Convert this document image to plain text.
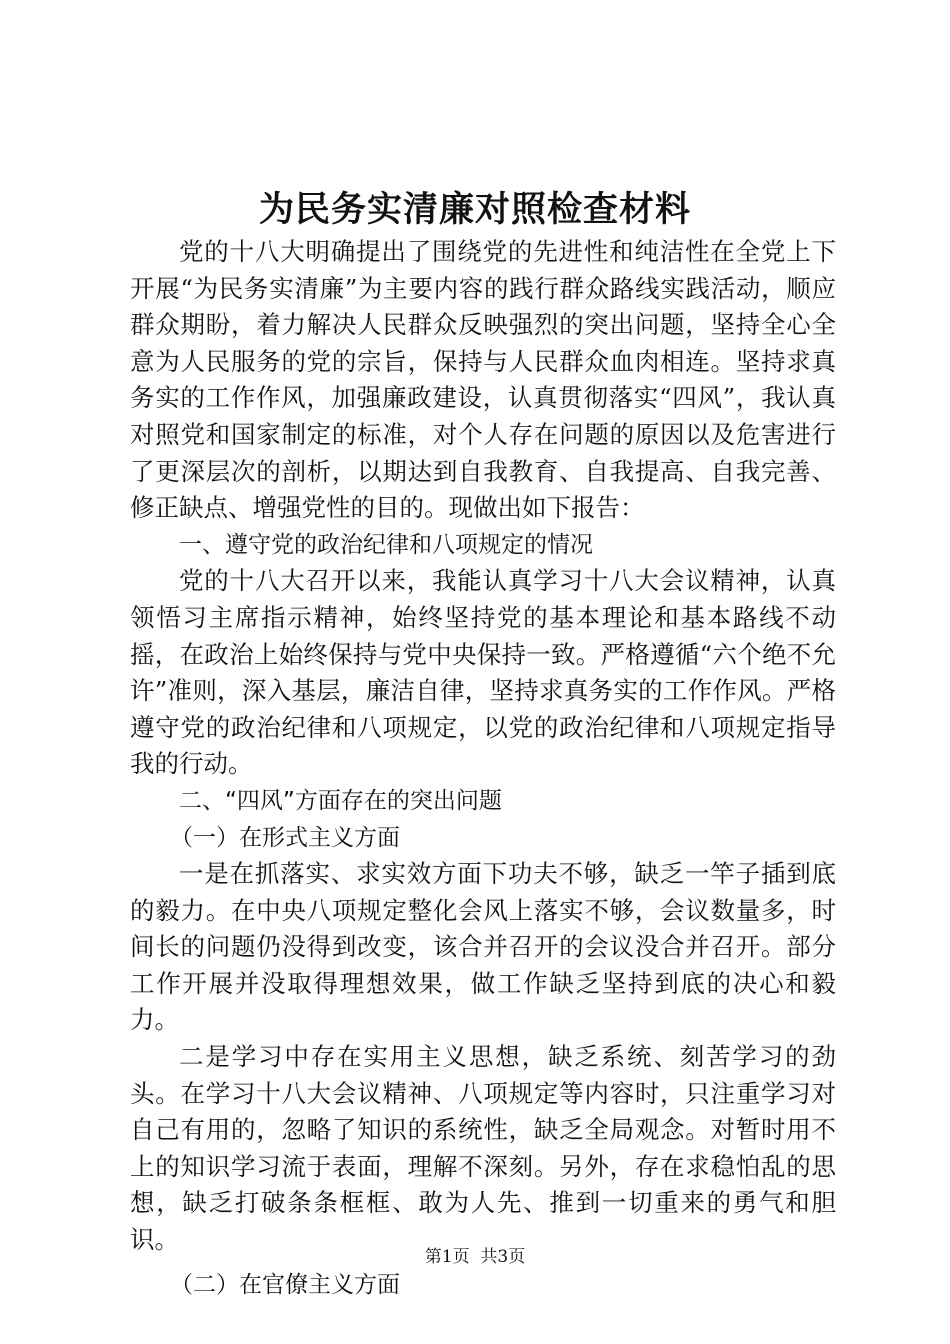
为民务实清廉对照检查材料

党的十八大明确提出了围绕党的先进性和纯洁性在全党上下开展“为民务实清廉”为主要内容的践行群众路线实践活动，顺应群众期盼，着力解决人民群众反映强烈的突出问题，坚持全心全意为人民服务的党的宗旨，保持与人民群众血肉相连。坚持求真务实的工作作风，加强廉政建设，认真贯彻落实“四风”，我认真对照党和国家制定的标准，对个人存在问题的原因以及危害进行了更深层次的剖析，以期达到自我教育、自我提高、自我完善、修正缺点、增强党性的目的。现做出如下报告：

一、遵守党的政治纪律和八项规定的情况

党的十八大召开以来，我能认真学习十八大会议精神，认真领悟习主席指示精神，始终坚持党的基本理论和基本路线不动摇，在政治上始终保持与党中央保持一致。严格遵循“六个绝不允许”准则，深入基层，廉洁自律，坚持求真务实的工作作风。严格遵守党的政治纪律和八项规定，以党的政治纪律和八项规定指导我的行动。

二、“四风”方面存在的突出问题

（一）在形式主义方面

一是在抓落实、求实效方面下功夫不够，缺乏一竿子插到底的毅力。在中央八项规定整化会风上落实不够，会议数量多，时间长的问题仍没得到改变，该合并召开的会议没合并召开。部分工作开展并没取得理想效果，做工作缺乏坚持到底的决心和毅力。

二是学习中存在实用主义思想，缺乏系统、刻苦学习的劲头。在学习十八大会议精神、八项规定等内容时，只注重学习对自己有用的，忽略了知识的系统性，缺乏全局观念。对暂时用不上的知识学习流于表面，理解不深刻。另外，存在求稳怕乱的思想，缺乏打破条条框框、敢为人先、推到一切重来的勇气和胆识。

（二）在官僚主义方面

第1页  共3页
